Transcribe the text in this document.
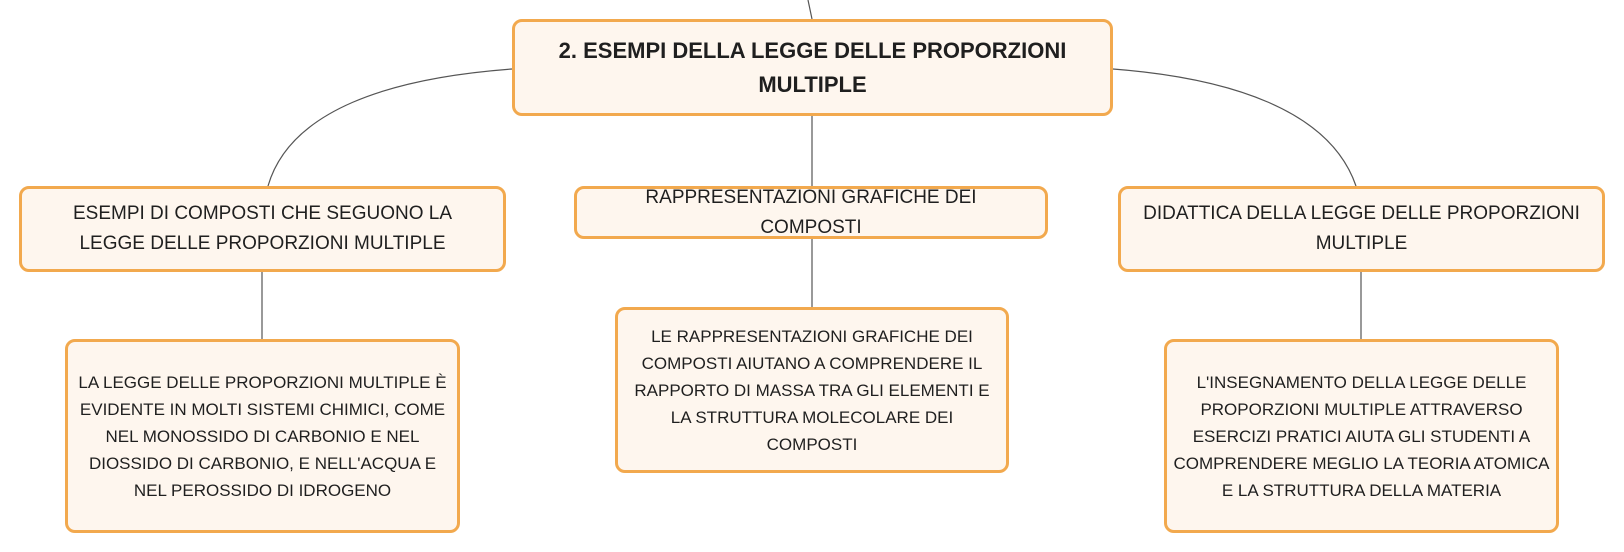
2. ESEMPI DELLA LEGGE DELLE PROPORZIONI MULTIPLE
ESEMPI DI COMPOSTI CHE SEGUONO LA LEGGE DELLE PROPORZIONI MULTIPLE
RAPPRESENTAZIONI GRAFICHE DEI COMPOSTI
DIDATTICA DELLA LEGGE DELLE PROPORZIONI MULTIPLE
LA LEGGE DELLE PROPORZIONI MULTIPLE È EVIDENTE IN MOLTI SISTEMI CHIMICI, COME NEL MONOSSIDO DI CARBONIO E NEL DIOSSIDO DI CARBONIO, E NELL'ACQUA E NEL PEROSSIDO DI IDROGENO
LE RAPPRESENTAZIONI GRAFICHE DEI COMPOSTI AIUTANO A COMPRENDERE IL RAPPORTO DI MASSA TRA GLI ELEMENTI E LA STRUTTURA MOLECOLARE DEI COMPOSTI
L'INSEGNAMENTO DELLA LEGGE DELLE PROPORZIONI MULTIPLE ATTRAVERSO ESERCIZI PRATICI AIUTA GLI STUDENTI A COMPRENDERE MEGLIO LA TEORIA ATOMICA E LA STRUTTURA DELLA MATERIA
